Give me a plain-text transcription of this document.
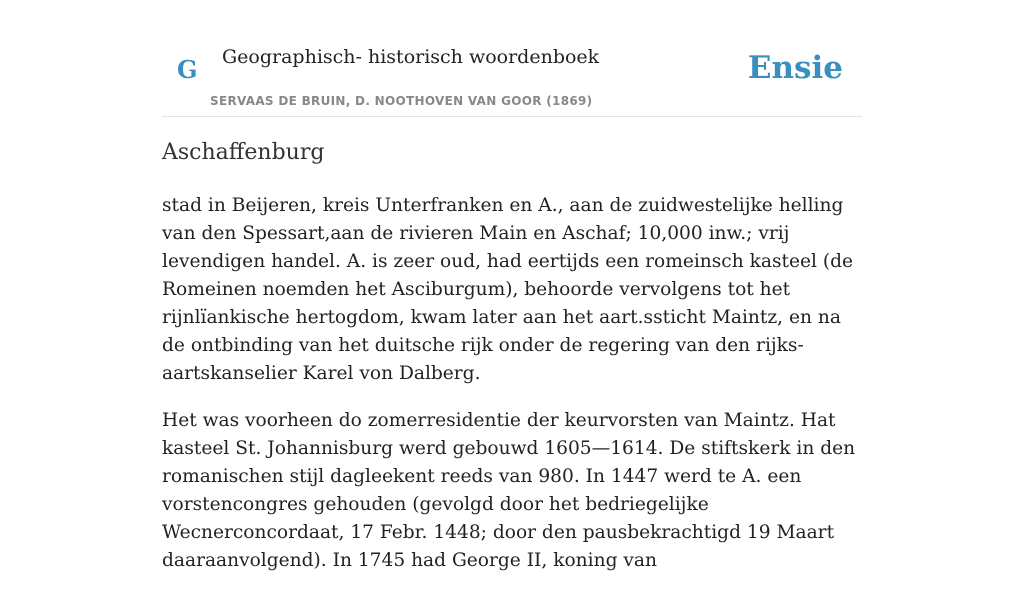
G Geographisch- historisch woordenboek
SERVAAS DE BRUIN, D. NOOTHOVEN VAN GOOR (1869)
Ensie
Aschaffenburg

stad in Beijeren, kreis Unterfranken en A., aan de zuidwestelijke helling van den Spessart,aan de rivieren Main en Aschaf; 10,000 inw.; vrij levendigen handel. A. is zeer oud, had eertijds een romeinsch kasteel (de Romeinen noemden het Asciburgum), behoorde vervolgens tot het rijnlïankische hertogdom, kwam later aan het aart.ssticht Maintz, en na de ontbinding van het duitsche rijk onder de regering van den rijks-aartskanselier Karel von Dalberg.

Het was voorheen do zomerresidentie der keurvorsten van Maintz. Hat kasteel St. Johannisburg werd gebouwd 1605—1614. De stiftskerk in den romanischen stijl dagleekent reeds van 980. In 1447 werd te A. een vorstencongres gehouden (gevolgd door het bedriegelijke Wecnerconcordaat, 17 Febr. 1448; door den pausbekrachtigd 19 Maart daaraanvolgend). In 1745 had George II, koning van
